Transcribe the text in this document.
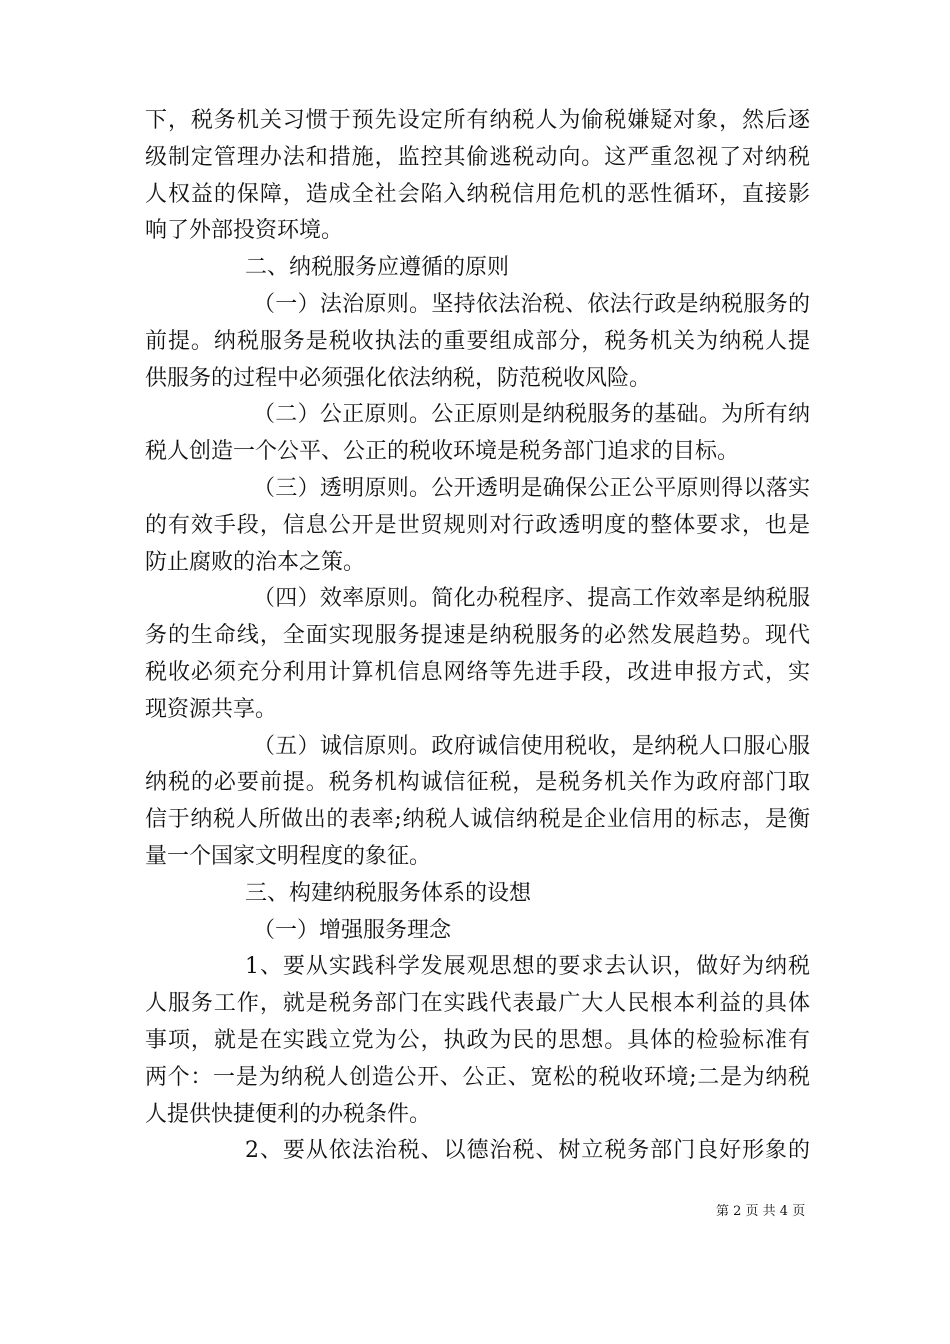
下，税务机关习惯于预先设定所有纳税人为偷税嫌疑对象，然后逐
级制定管理办法和措施，监控其偷逃税动向。这严重忽视了对纳税
人权益的保障，造成全社会陷入纳税信用危机的恶性循环，直接影
响了外部投资环境。
二、纳税服务应遵循的原则
（一）法治原则。坚持依法治税、依法行政是纳税服务的
前提。纳税服务是税收执法的重要组成部分，税务机关为纳税人提
供服务的过程中必须强化依法纳税，防范税收风险。
（二）公正原则。公正原则是纳税服务的基础。为所有纳
税人创造一个公平、公正的税收环境是税务部门追求的目标。
（三）透明原则。公开透明是确保公正公平原则得以落实
的有效手段，信息公开是世贸规则对行政透明度的整体要求，也是
防止腐败的治本之策。
（四）效率原则。简化办税程序、提高工作效率是纳税服
务的生命线，全面实现服务提速是纳税服务的必然发展趋势。现代
税收必须充分利用计算机信息网络等先进手段，改进申报方式，实
现资源共享。
（五）诚信原则。政府诚信使用税收，是纳税人口服心服
纳税的必要前提。税务机构诚信征税，是税务机关作为政府部门取
信于纳税人所做出的表率;纳税人诚信纳税是企业信用的标志，是衡
量一个国家文明程度的象征。
三、构建纳税服务体系的设想
（一）增强服务理念
1、要从实践科学发展观思想的要求去认识，做好为纳税
人服务工作，就是税务部门在实践代表最广大人民根本利益的具体
事项，就是在实践立党为公，执政为民的思想。具体的检验标准有
两个：一是为纳税人创造公开、公正、宽松的税收环境;二是为纳税
人提供快捷便利的办税条件。
2、要从依法治税、以德治税、树立税务部门良好形象的
第 2 页 共 4 页
